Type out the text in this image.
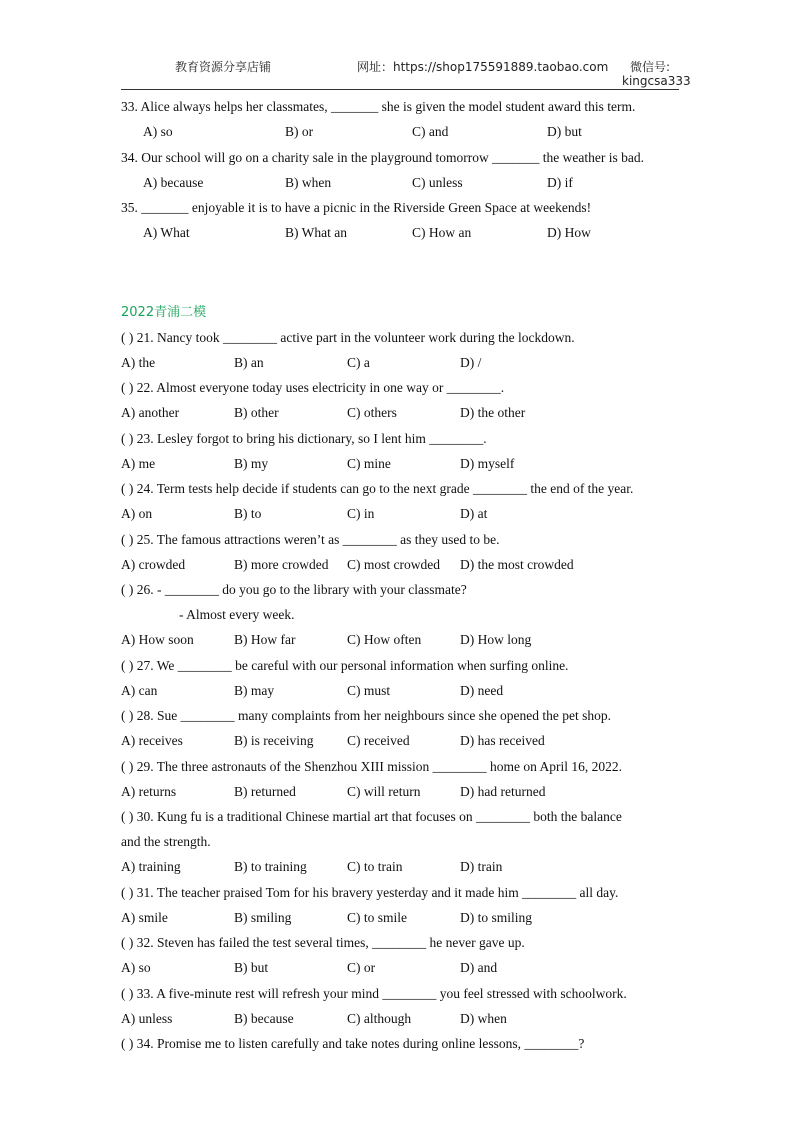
教育资源分享店铺	网址：https://shop175591889.taobao.com 微信号:
kingcsa333
33. Alice always helps her classmates, _______ she is given the model student award this term.
A) so	B) or	C) and	D) but
34. Our school will go on a charity sale in the playground tomorrow _______ the weather is bad.
A) because	B) when	C) unless	D) if
35. _______ enjoyable it is to have a picnic in the Riverside Green Space at weekends!
A) What	B) What an	C) How an	D) How
2022青浦二模
( ) 21. Nancy took ________ active part in the volunteer work during the lockdown.
A) the	B) an	C) a	D) /
( ) 22. Almost everyone today uses electricity in one way or ________.
A) another	B) other	C) others	D) the other
( ) 23. Lesley forgot to bring his dictionary, so I lent him ________.
A) me	B) my	C) mine	D) myself
( ) 24. Term tests help decide if students can go to the next grade ________ the end of the year.
A) on	B) to	C) in	D) at
( ) 25. The famous attractions weren’t as ________ as they used to be.
A) crowded	B) more crowded C) most crowded D) the most crowded
( ) 26. - ________ do you go to the library with your classmate?
- Almost every week.
A) How soon	B) How far	C) How often	D) How long
( ) 27. We ________ be careful with our personal information when surfing online.
A) can	B) may	C) must	D) need
( ) 28. Sue ________ many complaints from her neighbours since she opened the pet shop.
A) receives	B) is receiving C) received	D) has received
( ) 29. The three astronauts of the Shenzhou XIII mission ________ home on April 16, 2022.
A) returns	B) returned	C) will return	D) had returned
( ) 30. Kung fu is a traditional Chinese martial art that focuses on ________ both the balance
and the strength.
A) training	B) to training	C) to train	D) train
( ) 31. The teacher praised Tom for his bravery yesterday and it made him ________ all day.
A) smile	B) smiling	C) to smile	D) to smiling
( ) 32. Steven has failed the test several times, ________ he never gave up.
A) so	B) but	C) or	D) and
( ) 33. A five-minute rest will refresh your mind ________ you feel stressed with schoolwork.
A) unless	B) because	C) although	D) when
( ) 34. Promise me to listen carefully and take notes during online lessons, ________?
